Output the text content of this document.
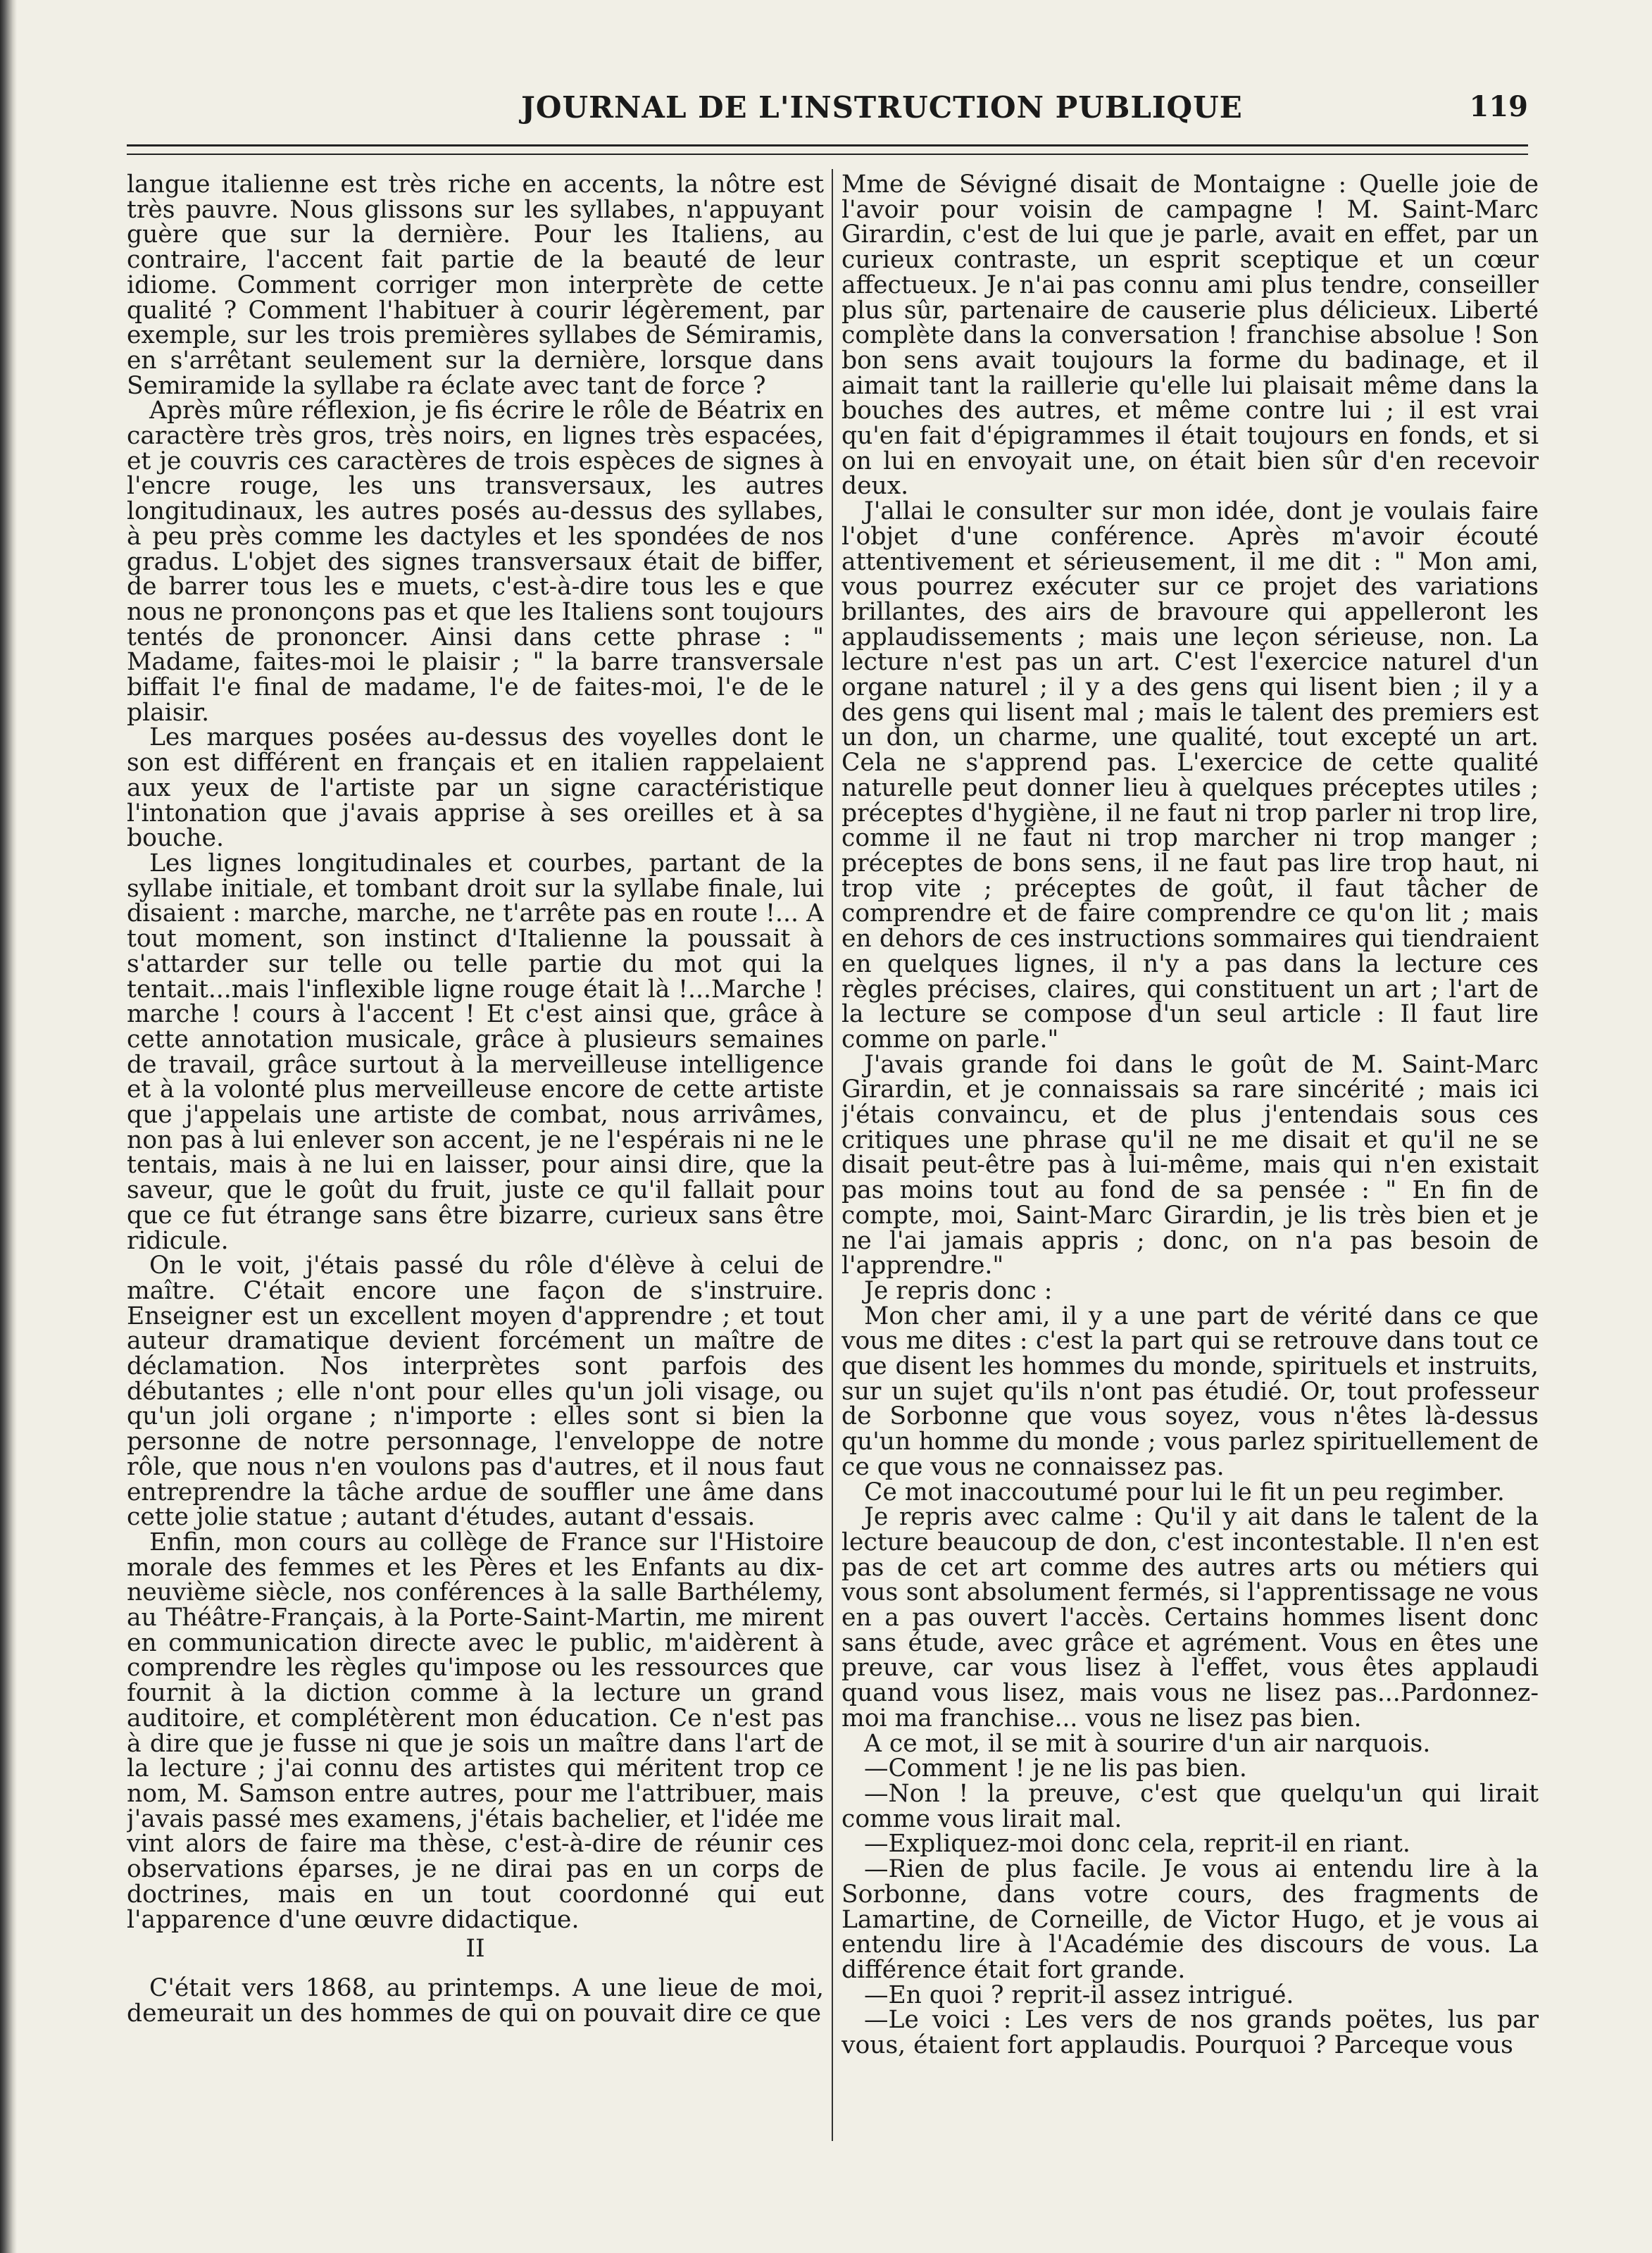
JOURNAL DE L'INSTRUCTION PUBLIQUE	119

langue italienne est très riche en accents, la nôtre est très pauvre. Nous glissons sur les syllabes, n'appuyant guère que sur la dernière. Pour les Italiens, au contraire, l'accent fait partie de la beauté de leur idiome. Comment corriger mon interprète de cette qualité ? Comment l'habituer à courir légèrement, par exemple, sur les trois premières syllabes de Sémiramis, en s'arrêtant seulement sur la dernière, lorsque dans Semiramide la syllabe ra éclate avec tant de force ?

Après mûre réflexion, je fis écrire le rôle de Béatrix en caractère très gros, très noirs, en lignes très espacées, et je couvris ces caractères de trois espèces de signes à l'encre rouge, les uns transversaux, les autres longitudinaux, les autres posés au-dessus des syllabes, à peu près comme les dactyles et les spondées de nos gradus. L'objet des signes transversaux était de biffer, de barrer tous les e muets, c'est-à-dire tous les e que nous ne prononçons pas et que les Italiens sont toujours tentés de prononcer. Ainsi dans cette phrase : " Madame, faites-moi le plaisir ; " la barre transversale biffait l'e final de madame, l'e de faites-moi, l'e de le plaisir.

Les marques posées au-dessus des voyelles dont le son est différent en français et en italien rappelaient aux yeux de l'artiste par un signe caractéristique l'intonation que j'avais apprise à ses oreilles et à sa bouche.

Les lignes longitudinales et courbes, partant de la syllabe initiale, et tombant droit sur la syllabe finale, lui disaient : marche, marche, ne t'arrête pas en route !... A tout moment, son instinct d'Italienne la poussait à s'attarder sur telle ou telle partie du mot qui la tentait...mais l'inflexible ligne rouge était là !...Marche ! marche ! cours à l'accent ! Et c'est ainsi que, grâce à cette annotation musicale, grâce à plusieurs semaines de travail, grâce surtout à la merveilleuse intelligence et à la volonté plus merveilleuse encore de cette artiste que j'appelais une artiste de combat, nous arrivâmes, non pas à lui enlever son accent, je ne l'espérais ni ne le tentais, mais à ne lui en laisser, pour ainsi dire, que la saveur, que le goût du fruit, juste ce qu'il fallait pour que ce fut étrange sans être bizarre, curieux sans être ridicule.

On le voit, j'étais passé du rôle d'élève à celui de maître. C'était encore une façon de s'instruire. Enseigner est un excellent moyen d'apprendre ; et tout auteur dramatique devient forcément un maître de déclamation. Nos interprètes sont parfois des débutantes ; elle n'ont pour elles qu'un joli visage, ou qu'un joli organe ; n'importe : elles sont si bien la personne de notre personnage, l'enveloppe de notre rôle, que nous n'en voulons pas d'autres, et il nous faut entreprendre la tâche ardue de souffler une âme dans cette jolie statue ; autant d'études, autant d'essais.

Enfin, mon cours au collège de France sur l'Histoire morale des femmes et les Pères et les Enfants au dix-neuvième siècle, nos conférences à la salle Barthélemy, au Théâtre-Français, à la Porte-Saint-Martin, me mirent en communication directe avec le public, m'aidèrent à comprendre les règles qu'impose ou les ressources que fournit à la diction comme à la lecture un grand auditoire, et complétèrent mon éducation. Ce n'est pas à dire que je fusse ni que je sois un maître dans l'art de la lecture ; j'ai connu des artistes qui méritent trop ce nom, M. Samson entre autres, pour me l'attribuer, mais j'avais passé mes examens, j'étais bachelier, et l'idée me vint alors de faire ma thèse, c'est-à-dire de réunir ces observations éparses, je ne dirai pas en un corps de doctrines, mais en un tout coordonné qui eut l'apparence d'une œuvre didactique.

II

C'était vers 1868, au printemps. A une lieue de moi, demeurait un des hommes de qui on pouvait dire ce que

Mme de Sévigné disait de Montaigne : Quelle joie de l'avoir pour voisin de campagne ! M. Saint-Marc Girardin, c'est de lui que je parle, avait en effet, par un curieux contraste, un esprit sceptique et un cœur affectueux. Je n'ai pas connu ami plus tendre, conseiller plus sûr, partenaire de causerie plus délicieux. Liberté complète dans la conversation ! franchise absolue ! Son bon sens avait toujours la forme du badinage, et il aimait tant la raillerie qu'elle lui plaisait même dans la bouches des autres, et même contre lui ; il est vrai qu'en fait d'épigrammes il était toujours en fonds, et si on lui en envoyait une, on était bien sûr d'en recevoir deux.

J'allai le consulter sur mon idée, dont je voulais faire l'objet d'une conférence. Après m'avoir écouté attentivement et sérieusement, il me dit : " Mon ami, vous pourrez exécuter sur ce projet des variations brillantes, des airs de bravoure qui appelleront les applaudissements ; mais une leçon sérieuse, non. La lecture n'est pas un art. C'est l'exercice naturel d'un organe naturel ; il y a des gens qui lisent bien ; il y a des gens qui lisent mal ; mais le talent des premiers est un don, un charme, une qualité, tout excepté un art. Cela ne s'apprend pas. L'exercice de cette qualité naturelle peut donner lieu à quelques préceptes utiles ; préceptes d'hygiène, il ne faut ni trop parler ni trop lire, comme il ne faut ni trop marcher ni trop manger ; préceptes de bons sens, il ne faut pas lire trop haut, ni trop vite ; préceptes de goût, il faut tâcher de comprendre et de faire comprendre ce qu'on lit ; mais en dehors de ces instructions sommaires qui tiendraient en quelques lignes, il n'y a pas dans la lecture ces règles précises, claires, qui constituent un art ; l'art de la lecture se compose d'un seul article : Il faut lire comme on parle."

J'avais grande foi dans le goût de M. Saint-Marc Girardin, et je connaissais sa rare sincérité ; mais ici j'étais convaincu, et de plus j'entendais sous ces critiques une phrase qu'il ne me disait et qu'il ne se disait peut-être pas à lui-même, mais qui n'en existait pas moins tout au fond de sa pensée : " En fin de compte, moi, Saint-Marc Girardin, je lis très bien et je ne l'ai jamais appris ; donc, on n'a pas besoin de l'apprendre."

Je repris donc :

Mon cher ami, il y a une part de vérité dans ce que vous me dites : c'est la part qui se retrouve dans tout ce que disent les hommes du monde, spirituels et instruits, sur un sujet qu'ils n'ont pas étudié. Or, tout professeur de Sorbonne que vous soyez, vous n'êtes là-dessus qu'un homme du monde ; vous parlez spirituellement de ce que vous ne connaissez pas.

Ce mot inaccoutumé pour lui le fit un peu regimber.

Je repris avec calme : Qu'il y ait dans le talent de la lecture beaucoup de don, c'est incontestable. Il n'en est pas de cet art comme des autres arts ou métiers qui vous sont absolument fermés, si l'apprentissage ne vous en a pas ouvert l'accès. Certains hommes lisent donc sans étude, avec grâce et agrément. Vous en êtes une preuve, car vous lisez à l'effet, vous êtes applaudi quand vous lisez, mais vous ne lisez pas...Pardonnez-moi ma franchise... vous ne lisez pas bien.

A ce mot, il se mit à sourire d'un air narquois.

—Comment ! je ne lis pas bien.

—Non ! la preuve, c'est que quelqu'un qui lirait comme vous lirait mal.

—Expliquez-moi donc cela, reprit-il en riant.

—Rien de plus facile. Je vous ai entendu lire à la Sorbonne, dans votre cours, des fragments de Lamartine, de Corneille, de Victor Hugo, et je vous ai entendu lire à l'Académie des discours de vous. La différence était fort grande.

—En quoi ? reprit-il assez intrigué.

—Le voici : Les vers de nos grands poëtes, lus par vous, étaient fort applaudis. Pourquoi ? Parceque vous
